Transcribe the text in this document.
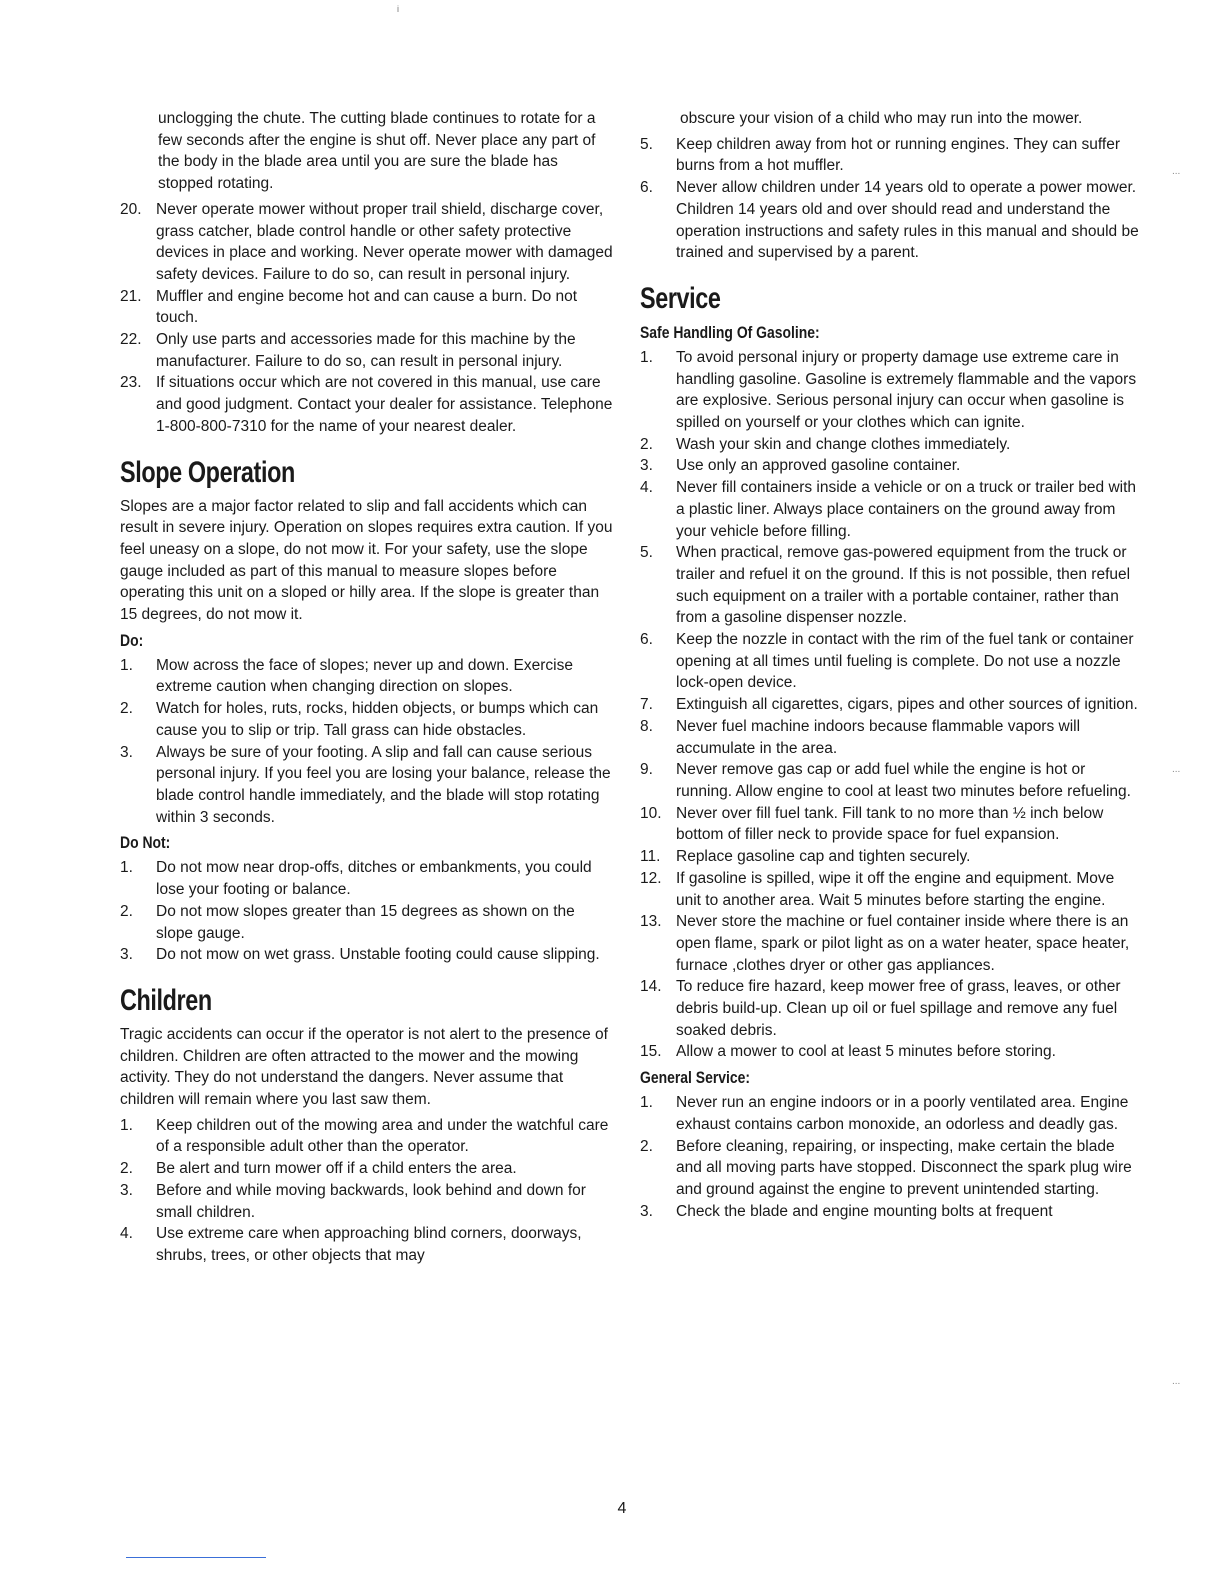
i
...
...
...

unclogging the chute. The cutting blade continues to rotate for a few seconds after the engine is shut off. Never place any part of the body in the blade area until you are sure the blade has stopped rotating.

20. Never operate mower without proper trail shield, discharge cover, grass catcher, blade control handle or other safety protective devices in place and working. Never operate mower with damaged safety devices. Failure to do so, can result in personal injury.
21. Muffler and engine become hot and can cause a burn. Do not touch.
22. Only use parts and accessories made for this machine by the manufacturer. Failure to do so, can result in personal injury.
23. If situations occur which are not covered in this manual, use care and good judgment. Contact your dealer for assistance. Telephone 1-800-800-7310 for the name of your nearest dealer.
Slope Operation

Slopes are a major factor related to slip and fall accidents which can result in severe injury. Operation on slopes requires extra caution. If you feel uneasy on a slope, do not mow it. For your safety, use the slope gauge included as part of this manual to measure slopes before operating this unit on a sloped or hilly area. If the slope is greater than 15 degrees, do not mow it.

Do:
1.	Mow across the face of slopes; never up and down. Exercise extreme caution when changing direction on slopes.
2.	Watch for holes, ruts, rocks, hidden objects, or bumps which can cause you to slip or trip. Tall grass can hide obstacles.
3.	Always be sure of your footing. A slip and fall can cause serious personal injury. If you feel you are losing your balance, release the blade control handle immediately, and the blade will stop rotating within 3 seconds.
Do Not:
1.	Do not mow near drop-offs, ditches or embankments, you could lose your footing or balance.
2.	Do not mow slopes greater than 15 degrees as shown on the slope gauge.
3.	Do not mow on wet grass. Unstable footing could cause slipping.
Children

Tragic accidents can occur if the operator is not alert to the presence of children. Children are often attracted to the mower and the mowing activity. They do not understand the dangers. Never assume that children will remain where you last saw them.

1.	Keep children out of the mowing area and under the watchful care of a responsible adult other than the operator.
2.	Be alert and turn mower off if a child enters the area.
3.	Before and while moving backwards, look behind and down for small children.
4.	Use extreme care when approaching blind corners, doorways, shrubs, trees, or other objects that may

obscure your vision of a child who may run into the mower.

5.	Keep children away from hot or running engines. They can suffer burns from a hot muffler.
6.	Never allow children under 14 years old to operate a power mower. Children 14 years old and over should read and understand the operation instructions and safety rules in this manual and should be trained and supervised by a parent.
Service
Safe Handling Of Gasoline:
1.	To avoid personal injury or property damage use extreme care in handling gasoline. Gasoline is extremely flammable and the vapors are explosive. Serious personal injury can occur when gasoline is spilled on yourself or your clothes which can ignite.
2.	Wash your skin and change clothes immediately.
3.	Use only an approved gasoline container.
4.	Never fill containers inside a vehicle or on a truck or trailer bed with a plastic liner. Always place containers on the ground away from your vehicle before filling.
5.	When practical, remove gas-powered equipment from the truck or trailer and refuel it on the ground. If this is not possible, then refuel such equipment on a trailer with a portable container, rather than from a gasoline dispenser nozzle.
6.	Keep the nozzle in contact with the rim of the fuel tank or container opening at all times until fueling is complete. Do not use a nozzle lock-open device.
7.	Extinguish all cigarettes, cigars, pipes and other sources of ignition.
8.	Never fuel machine indoors because flammable vapors will accumulate in the area.
9.	Never remove gas cap or add fuel while the engine is hot or running. Allow engine to cool at least two minutes before refueling.
10. Never over fill fuel tank. Fill tank to no more than ½ inch below bottom of filler neck to provide space for fuel expansion.
11.	Replace gasoline cap and tighten securely.
12. If gasoline is spilled, wipe it off the engine and equipment. Move unit to another area. Wait 5 minutes before starting the engine.
13. Never store the machine or fuel container inside where there is an open flame, spark or pilot light as on a water heater, space heater, furnace ,clothes dryer or other gas appliances.
14. To reduce fire hazard, keep mower free of grass, leaves, or other debris build-up. Clean up oil or fuel spillage and remove any fuel soaked debris.
15. Allow a mower to cool at least 5 minutes before storing.
General Service:
1.	Never run an engine indoors or in a poorly ventilated area. Engine exhaust contains carbon monoxide, an odorless and deadly gas.
2.	Before cleaning, repairing, or inspecting, make certain the blade and all moving parts have stopped. Disconnect the spark plug wire and ground against the engine to prevent unintended starting.
3.	Check the blade and engine mounting bolts at frequent
4
